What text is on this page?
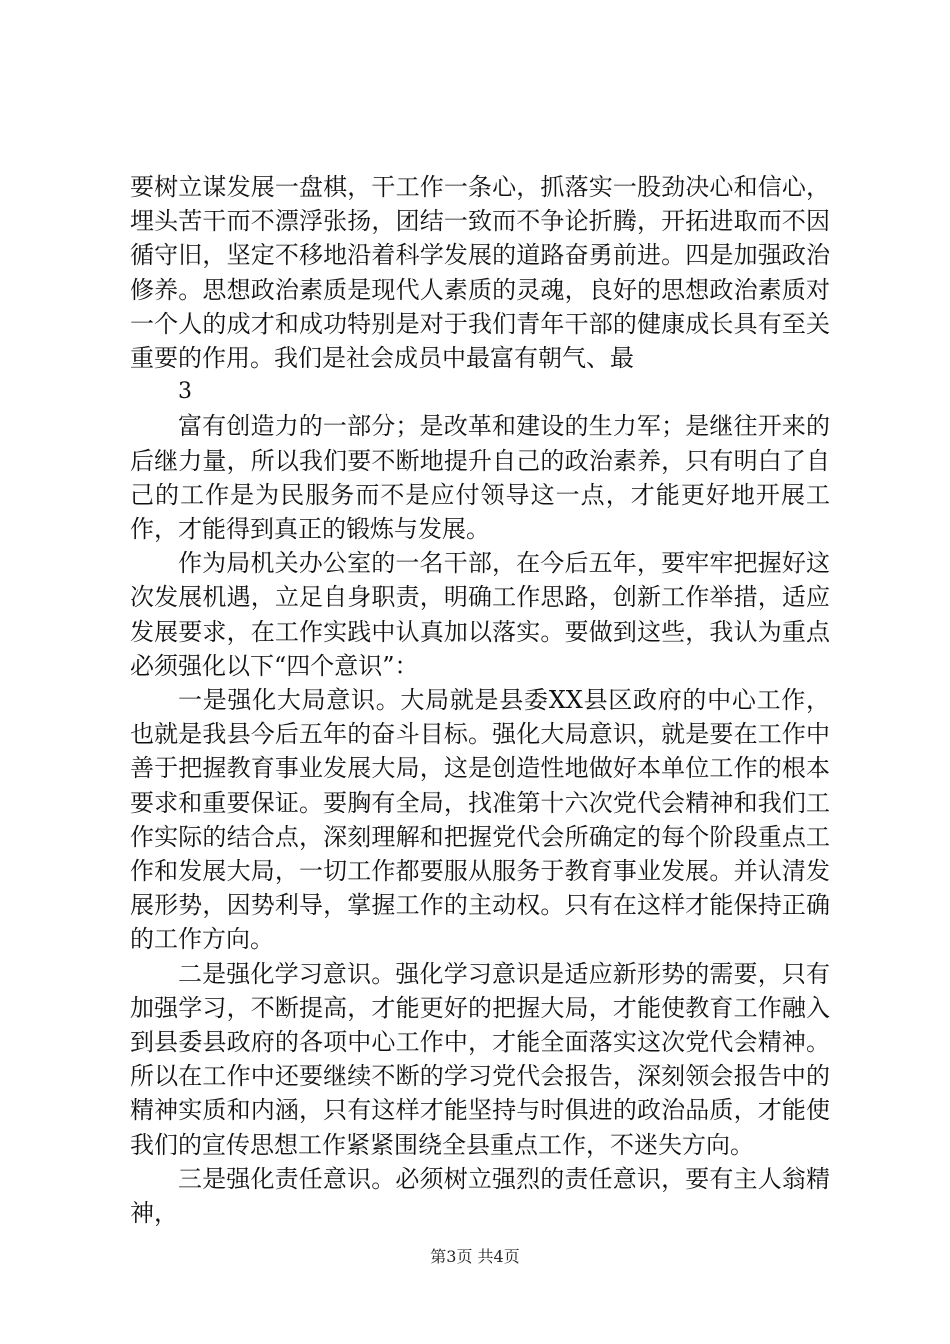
要树立谋发展一盘棋，干工作一条心，抓落实一股劲决心和信心，埋头苦干而不漂浮张扬，团结一致而不争论折腾，开拓进取而不因循守旧，坚定不移地沿着科学发展的道路奋勇前进。四是加强政治修养。思想政治素质是现代人素质的灵魂，良好的思想政治素质对一个人的成才和成功特别是对于我们青年干部的健康成长具有至关重要的作用。我们是社会成员中最富有朝气、最

3

富有创造力的一部分；是改革和建设的生力军；是继往开来的后继力量，所以我们要不断地提升自己的政治素养，只有明白了自己的工作是为民服务而不是应付领导这一点，才能更好地开展工作，才能得到真正的锻炼与发展。

作为局机关办公室的一名干部，在今后五年，要牢牢把握好这次发展机遇，立足自身职责，明确工作思路，创新工作举措，适应发展要求，在工作实践中认真加以落实。要做到这些，我认为重点必须强化以下“四个意识”：

一是强化大局意识。大局就是县委XX县区政府的中心工作，也就是我县今后五年的奋斗目标。强化大局意识，就是要在工作中善于把握教育事业发展大局，这是创造性地做好本单位工作的根本要求和重要保证。要胸有全局，找准第十六次党代会精神和我们工作实际的结合点，深刻理解和把握党代会所确定的每个阶段重点工作和发展大局，一切工作都要服从服务于教育事业发展。并认清发展形势，因势利导，掌握工作的主动权。只有在这样才能保持正确的工作方向。

二是强化学习意识。强化学习意识是适应新形势的需要，只有加强学习，不断提高，才能更好的把握大局，才能使教育工作融入到县委县政府的各项中心工作中，才能全面落实这次党代会精神。所以在工作中还要继续不断的学习党代会报告，深刻领会报告中的精神实质和内涵，只有这样才能坚持与时俱进的政治品质，才能使我们的宣传思想工作紧紧围绕全县重点工作，不迷失方向。

三是强化责任意识。必须树立强烈的责任意识，要有主人翁精神，

第3页 共4页
